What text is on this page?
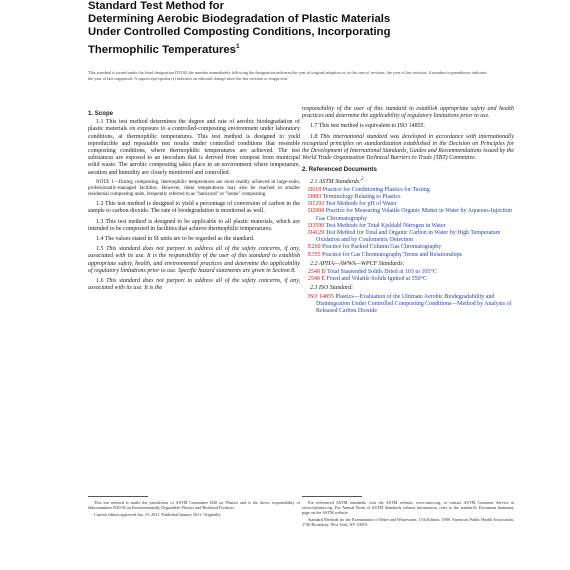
Standard Test Method for
Determining Aerobic Biodegradation of Plastic Materials
Under Controlled Composting Conditions, Incorporating
Thermophilic Temperatures$^1$
This standard is issued under the fixed designation D5338; the number immediately following the designation indicates the year of original adoption or, in the case of revision, the year of last revision. A number in parentheses indicates the year of last reapproval. A superscript epsilon (ε) indicates an editorial change since the last revision or reapproval.
1. Scope

1.1 This test method determines the degree and rate of aerobic biodegradation of plastic materials on exposure to a controlled-composting environment under laboratory conditions, at thermophilic temperatures. This test method is designed to yield reproducible and repeatable test results under controlled conditions that resemble composting conditions, where thermophilic temperatures are achieved. The test substances are exposed to an inoculum that is derived from compost from municipal solid waste. The aerobic composting takes place in an environment where temperature, aeration and humidity are closely monitored and controlled.

NOTE 1—During composting, thermophilic temperatures are most readily achieved in large-scale, professionally-managed facilities. However, these temperatures may also be reached in smaller residential composting units, frequently referred to as "backyard" or "home" composting.

1.2 This test method is designed to yield a percentage of conversion of carbon in the sample to carbon dioxide. The rate of biodegradation is monitored as well.

1.3 This test method is designed to be applicable to all plastic materials, which are intended to be composted in facilities that achieve thermophilic temperatures.

1.4 The values stated in SI units are to be regarded as the standard.

1.5 This standard does not purport to address all of the safety concerns, if any, associated with its use. It is the responsibility of the user of this standard to establish appropriate safety, health, and environmental practices and determine the applicability of regulatory limitations prior to use. Specific hazard statements are given in Section 8.

1.6 This standard does not purport to address all of the safety concerns, if any, associated with its use. It is the

responsibility of the user of this standard to establish appropriate safety and health practices and determine the applicability of regulatory limitations prior to use.

1.7 This test method is equivalent to ISO 14855.

1.8 This international standard was developed in accordance with internationally recognized principles on standardization established in the Decision on Principles for the Development of International Standards, Guides and Recommendations issued by the World Trade Organization Technical Barriers to Trade (TBT) Committee.

2. Referenced Documents
2.1 ASTM Standards:$^2$

D618 Practice for Conditioning Plastics for Testing

D883 Terminology Relating to Plastics

D1293 Test Methods for pH of Water

D2908 Practice for Measuring Volatile Organic Matter in Water by Aqueous-Injection Gas Chromatography

D3590 Test Methods for Total Kjeldahl Nitrogen in Water

D4129 Test Method for Total and Organic Carbon in Water by High Temperature Oxidation and by Coulometric Detection

E260 Practice for Packed Column Gas Chromatography

E355 Practice for Gas Chromatography Terms and Relationships

2.2 APHA—AWWA—WPCF Standards:

2540 D Total Suspended Solids Dried at 103 to 105°C

2540 E Fixed and Volatile Solids Ignited at 550°C

2.3 ISO Standard:

ISO 14855 Plastics—Evaluation of the Ultimate Aerobic Biodegradability and Disintegration Under Controlled Composting Conditions—Method by Analysis of Released Carbon Dioxide

This test method is under the jurisdiction of ASTM Committee D20 on Plastics and is the direct responsibility of Subcommittee D20.96 on Environmentally Degradable Plastics and Biobased Products.

Current edition approved Jan. 15, 2011. Published January 2011. Originally

For referenced ASTM standards, visit the ASTM website, www.astm.org, or contact ASTM Customer Service at service@astm.org. For Annual Book of ASTM Standards volume information, refer to the standard's Document Summary page on the ASTM website.

Standard Methods for the Examination of Water and Wastewater, 17th Edition, 1989, American Public Health Association, 1740 Broadway, New York, NY 10019.
